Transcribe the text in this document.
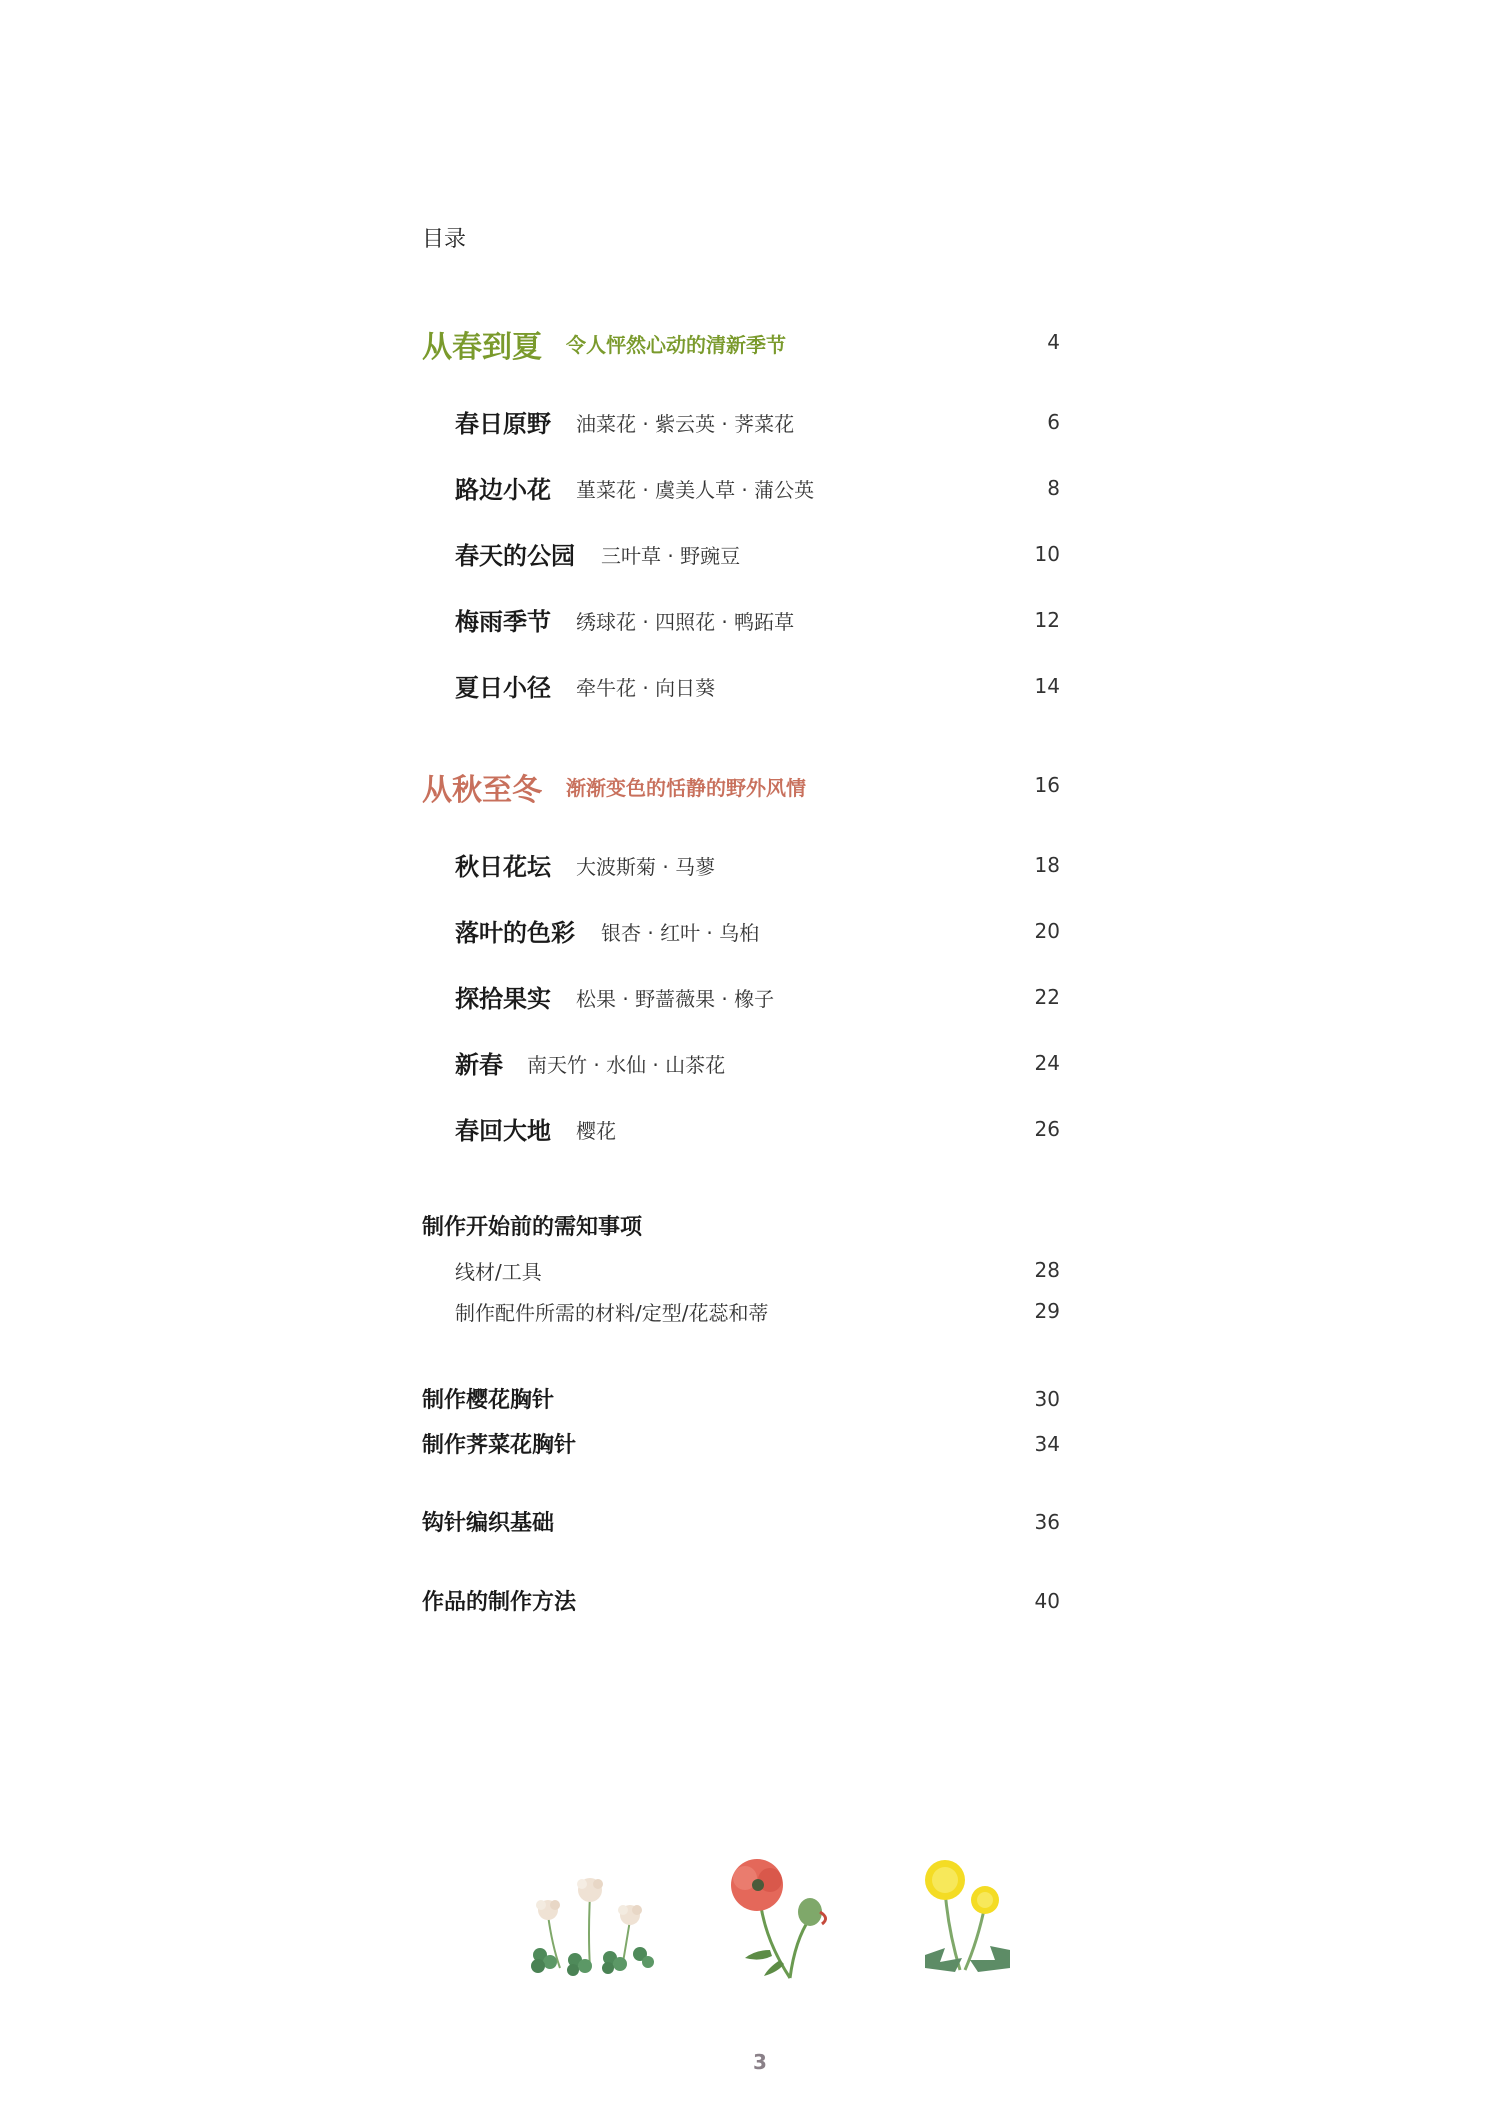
目录
从春到夏 令人怦然心动的清新季节	4
春日原野 油菜花 · 紫云英 · 荠菜花	6
路边小花 堇菜花 · 虞美人草 · 蒲公英	8
春天的公园 三叶草 · 野豌豆	10
梅雨季节 绣球花 · 四照花 · 鸭跖草	12
夏日小径 牵牛花 · 向日葵	14
从秋至冬 渐渐变色的恬静的野外风情	16
秋日花坛 大波斯菊 · 马蓼	18
落叶的色彩 银杏 · 红叶 · 乌桕	20
探拾果实 松果 · 野蔷薇果 · 橡子	22
新春 南天竹 · 水仙 · 山茶花	24
春回大地 樱花	26
制作开始前的需知事项
线材/工具	28
制作配件所需的材料/定型/花蕊和蒂	29
制作樱花胸针	30
制作荠菜花胸针	34
钩针编织基础	36
作品的制作方法	40
3
